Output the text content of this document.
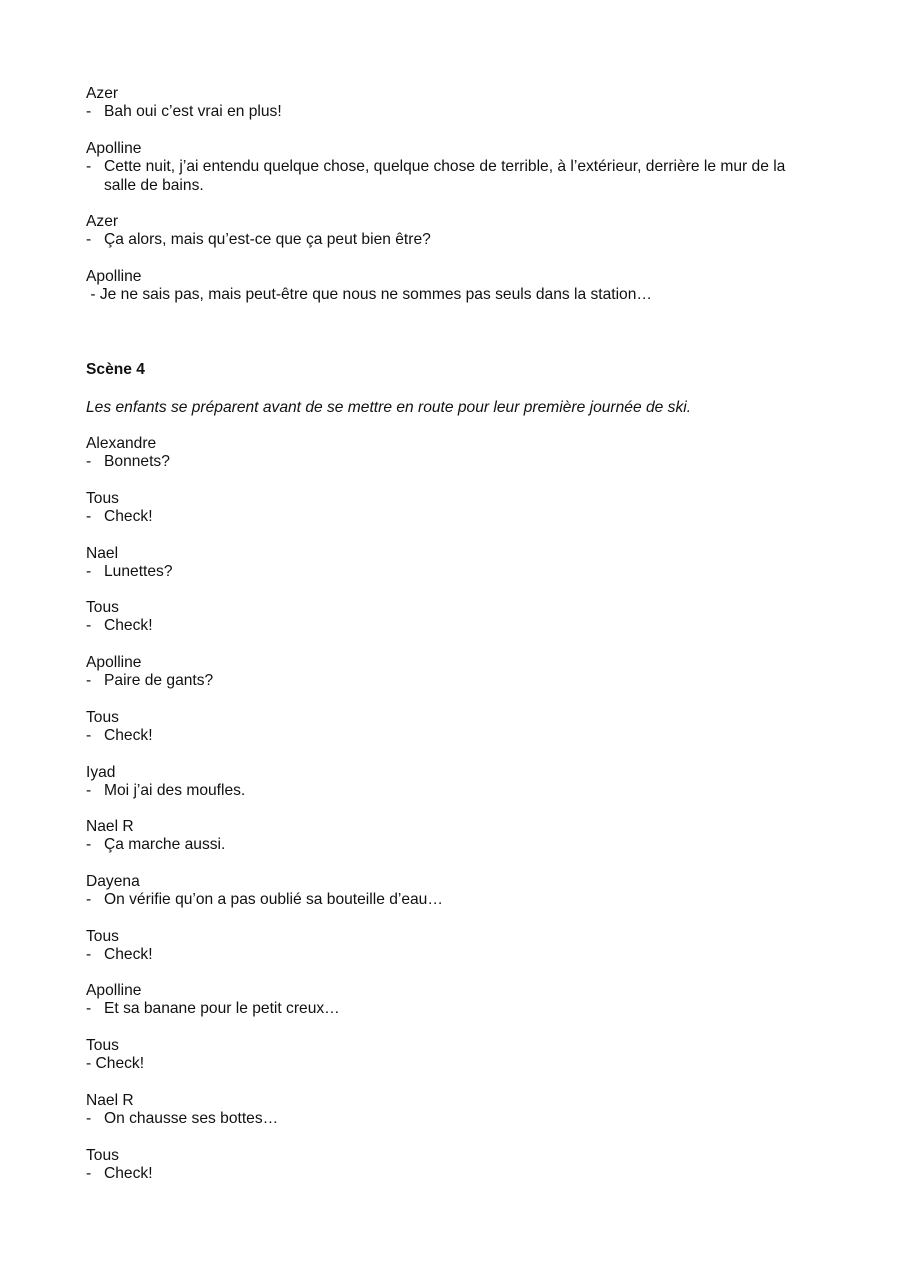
Azer
- Bah oui c’est vrai en plus!
Apolline
- Cette nuit, j’ai entendu quelque chose, quelque chose de terrible, à l’extérieur, derrière le mur de la salle de bains.
Azer
- Ça alors, mais qu’est-ce que ça peut bien être?
Apolline
- Je ne sais pas, mais peut-être que nous ne sommes pas seuls dans la station…
Scène 4
Les enfants se préparent avant de se mettre en route pour leur première journée de ski.
Alexandre
- Bonnets?
Tous
- Check!
Nael
- Lunettes?
Tous
- Check!
Apolline
- Paire de gants?
Tous
- Check!
Iyad
- Moi j’ai des moufles.
Nael R
- Ça marche aussi.
Dayena
- On vérifie qu’on a pas oublié sa bouteille d’eau…
Tous
- Check!
Apolline
- Et sa banane pour le petit creux…
Tous
- Check!
Nael R
- On chausse ses bottes…
Tous
- Check!
